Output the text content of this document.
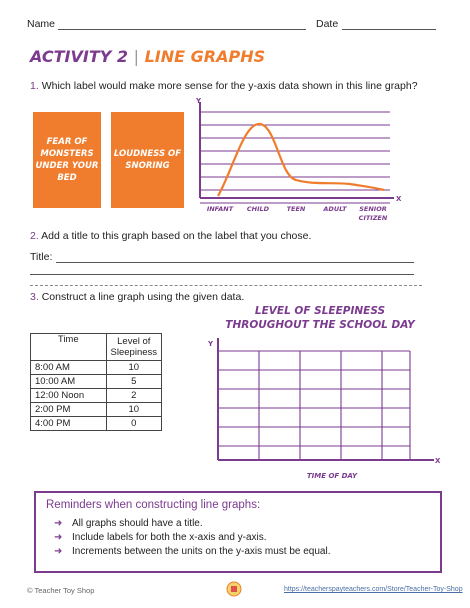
Name	Date
ACTIVITY 2 | LINE GRAPHS
1. Which label would make more sense for the y-axis data shown in this line graph?
FEAR OF MONSTERS UNDER YOUR BED
LOUDNESS OF SNORING
Y
X
INFANT CHILD	TEEN	ADULT SENIOR
CITIZEN
2. Add a title to this graph based on the label that you chose.
Title:
3. Construct a line graph using the given data.
Time	Level of Sleepiness
8:00 AM	10
10:00 AM	5
12:00 Noon	2
2:00 PM	10
4:00 PM	0
LEVEL OF SLEEPINESS
THROUGHOUT THE SCHOOL DAY
Y
X
TIME OF DAY
Reminders when constructing line graphs:
➜ All graphs should have a title.
➜ Include labels for both the x-axis and y-axis.
➜ Increments between the units on the y-axis must be equal.
© Teacher Toy Shop	https://teacherspayteachers.com/Store/Teacher-Toy-Shop
